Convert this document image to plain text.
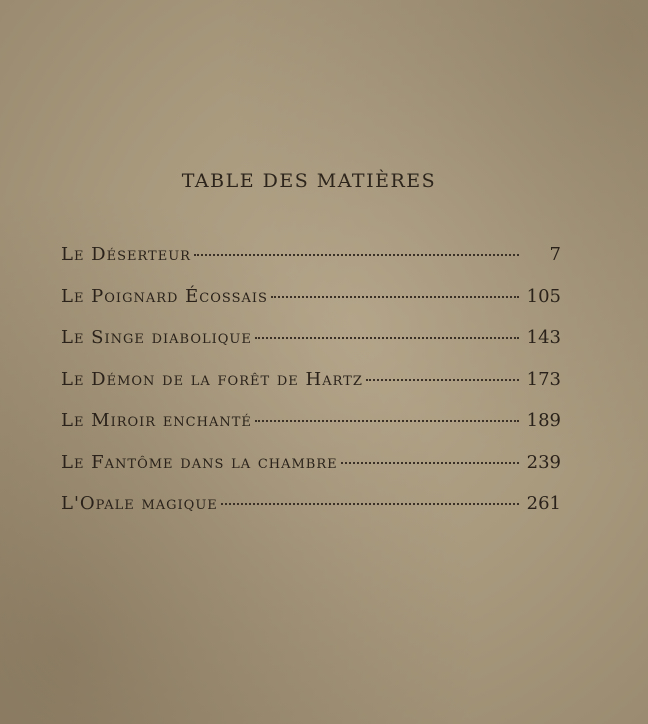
TABLE DES MATIÈRES
Le Déserteur	7
Le Poignard Écossais	105
Le Singe diabolique	143
Le Démon de la forêt de Hartz	173
Le Miroir enchanté	189
Le Fantôme dans la chambre	239
L'Opale magique	261
